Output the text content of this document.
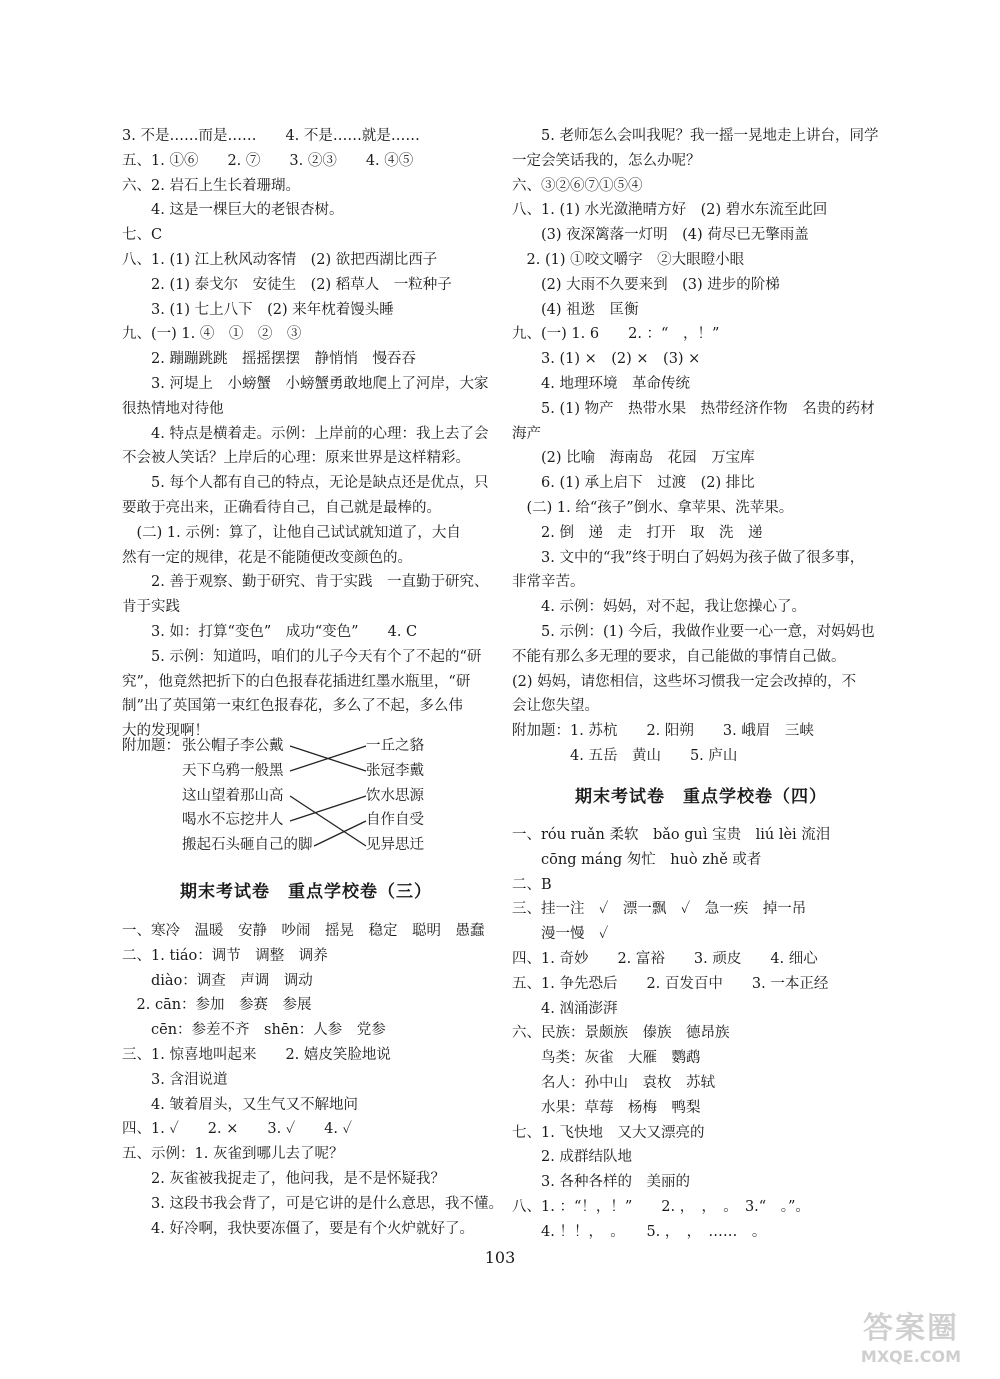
3. 不是……而是……　　4. 不是……就是……
五、1. ①⑥　　2. ⑦　　3. ②③　　4. ④⑤
六、2. 岩石上生长着珊瑚。
　　4. 这是一棵巨大的老银杏树。
七、C
八、1. (1) 江上秋风动客情　(2) 欲把西湖比西子
　　2. (1) 泰戈尔　安徒生　(2) 稻草人　一粒种子
　　3. (1) 七上八下　(2) 来年枕着馒头睡
九、(一) 1. ④　①　②　③
　　2. 蹦蹦跳跳　摇摇摆摆　静悄悄　慢吞吞
　　3. 河堤上　小螃蟹　小螃蟹勇敢地爬上了河岸，大家
很热情地对待他
　　4. 特点是横着走。示例：上岸前的心理：我上去了会
不会被人笑话？上岸后的心理：原来世界是这样精彩。
　　5. 每个人都有自己的特点，无论是缺点还是优点，只
要敢于亮出来，正确看待自己，自己就是最棒的。
　(二) 1. 示例：算了，让他自己试试就知道了，大自
然有一定的规律，花是不能随便改变颜色的。
　　2. 善于观察、勤于研究、肯于实践　一直勤于研究、
肯于实践
　　3. 如：打算“变色”　成功“变色”　　4. C
　　5. 示例：知道吗，咱们的儿子今天有个了不起的“研
究”，他竟然把折下的白色报春花插进红墨水瓶里，“研
制”出了英国第一束红色报春花，多么了不起，多么伟
大的发现啊！
附加题： 张公帽子李公戴
天下乌鸦一般黑
这山望着那山高
喝水不忘挖井人
搬起石头砸自己的脚
一丘之貉
张冠李戴
饮水思源
自作自受
见异思迁
期末考试卷　重点学校卷（三）
一、寒冷　温暖　安静　吵闹　摇晃　稳定　聪明　愚蠢
二、1. tiáo：调节　调整　调养
　　diào：调查　声调　调动
　2. cān：参加　参赛　参展
　　cēn：参差不齐　shēn：人参　党参
三、1. 惊喜地叫起来　　2. 嬉皮笑脸地说
　　3. 含泪说道
　　4. 皱着眉头，又生气又不解地问
四、1. ✓　　2. ×　　3. ✓　　4. ✓
五、示例：1. 灰雀到哪儿去了呢？
　　2. 灰雀被我捉走了，他问我，是不是怀疑我？
　　3. 这段书我会背了，可是它讲的是什么意思，我不懂。
　　4. 好冷啊，我快要冻僵了，要是有个火炉就好了。
　　5. 老师怎么会叫我呢？我一摇一晃地走上讲台，同学
一定会笑话我的，怎么办呢？
六、③②⑥⑦①⑤④
八、1. (1) 水光潋滟晴方好　(2) 碧水东流至此回
　　(3) 夜深篱落一灯明　(4) 荷尽已无擎雨盖
　2. (1) ①咬文嚼字　②大眼瞪小眼
　　(2) 大雨不久要来到　(3) 进步的阶梯
　　(4) 祖逖　匡衡
九、(一) 1. 6　　2. ：“　，！”
　　3. (1) ×　(2) ×　(3) ×
　　4. 地理环境　革命传统
　　5. (1) 物产　热带水果　热带经济作物　名贵的药材
海产
　　(2) 比喻　海南岛　花园　万宝库
　　6. (1) 承上启下　过渡　(2) 排比
　(二) 1. 给“孩子”倒水、拿苹果、洗苹果。
　　2. 倒　递　走　打开　取　洗　递
　　3. 文中的“我”终于明白了妈妈为孩子做了很多事，
非常辛苦。
　　4. 示例：妈妈，对不起，我让您操心了。
　　5. 示例：(1) 今后，我做作业要一心一意，对妈妈也
不能有那么多无理的要求，自己能做的事情自己做。
(2) 妈妈，请您相信，这些坏习惯我一定会改掉的，不
会让您失望。
附加题：1. 苏杭　　2. 阳朔　　3. 峨眉　三峡
　　　　4. 五岳　黄山　　5. 庐山
期末考试卷　重点学校卷（四）
一、róu ruǎn 柔软　bǎo guì 宝贵　liú lèi 流泪
　　cōng máng 匆忙　huò zhě 或者
二、B
三、挂一注　✓　漂一飘　✓　急一疾　掉一吊
　　漫一慢　✓
四、1. 奇妙　　2. 富裕　　3. 顽皮　　4. 细心
五、1. 争先恐后　　2. 百发百中　　3. 一本正经
　　4. 汹涌澎湃
六、民族：景颇族　傣族　德昂族
　　鸟类：灰雀　大雁　鹦鹉
　　名人：孙中山　袁枚　苏轼
　　水果：草莓　杨梅　鸭梨
七、1. 飞快地　又大又漂亮的
　　2. 成群结队地
　　3. 各种各样的　美丽的
八、1. ：“！，！”　　2. ，　，　。　3.“　。”。
　　4. ！！，　。　　5. ，　，　……　。
103
答案圈
MXQE.COM
